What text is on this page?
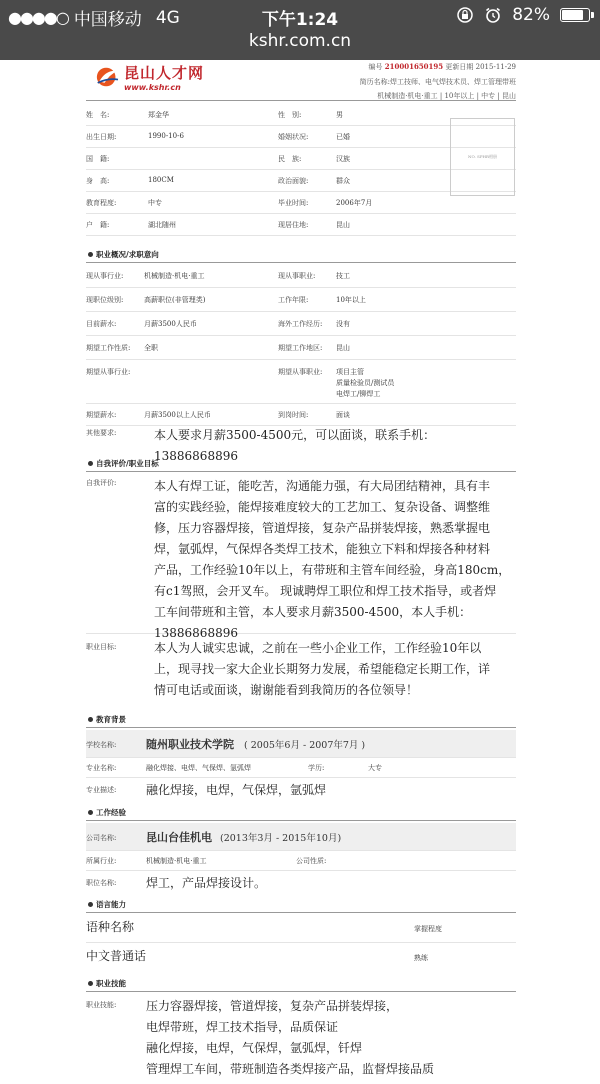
●●●●○ 中国移动 4G	下午1:24	82%
kshr.com.cn
昆山人才网
www.kshr.cn
编号 210001650195 更新日期 2015-11-29
简历名称:焊工技师、电气焊技术员、焊工管理带班
机械制造·机电·重工 | 10年以上 | 中专 | 昆山
姓　名:	郑金华	性　别:	男
出生日期:	1990-10-6	婚姻状况:	已婚
国　籍:	民　族:	汉族
身　高:	180CM	政治面貌:	群众
教育程度:	中专	毕业时间:	2006年7月
户　籍:	湖北随州	现居住地:	昆山
NO. SPHR相册
职业概况/求职意向
现从事行业:	机械制造·机电·重工	现从事职业:	技工
现职位级别:	高薪职位(非管理类)	工作年限:	10年以上
目前薪水:	月薪3500人民币	海外工作经历: 没有
期望工作性质: 全职	期望工作地区: 昆山
期望从事行业:	期望从事职业: 项目主管
质量检验员/测试员
电焊工/铆焊工
期望薪水:	月薪3500以上人民币	到岗时间:	面谈
其他要求:	本人要求月薪3500-4500元，可以面谈，联系手机：13886868896
自我评价/职业目标
自我评价:	本人有焊工证，能吃苦，沟通能力强，有大局团结精神，具有丰
富的实践经验，能焊接难度较大的工艺加工、复杂设备、调整维
修，压力容器焊接，管道焊接，复杂产品拼装焊接，熟悉掌握电
焊，氩弧焊，气保焊各类焊工技术，能独立下料和焊接各种材料
产品，工作经验10年以上，有带班和主管车间经验，身高180cm，
有c1驾照，会开叉车。 现诚聘焊工职位和焊工技术指导，或者焊
工车间带班和主管，本人要求月薪3500-4500，本人手机：
13886868896
职业目标:	本人为人诚实忠诚，之前在一些小企业工作，工作经验10年以
上，现寻找一家大企业长期努力发展，希望能稳定长期工作，详
情可电话或面谈，谢谢能看到我简历的各位领导！
教育背景
学校名称:	随州职业技术学院 ( 2005年6月 - 2007年7月 )
专业名称:	融化焊接、电焊、气保焊、氩弧焊	学历:	大专
专业描述: 融化焊接，电焊，气保焊，氩弧焊
工作经验
公司名称:	昆山台佳机电 (2013年3月 - 2015年10月)
所属行业:	机械制造·机电·重工	公司性质:
职位名称: 焊工，产品焊接设计。
语言能力
语种名称	掌握程度
中文普通话	熟练
职业技能
职业技能: 压力容器焊接，管道焊接，复杂产品拼装焊接，
电焊带班，焊工技术指导，品质保证
融化焊接，电焊，气保焊，氩弧焊，钎焊
管理焊工车间，带班制造各类焊接产品，监督焊接品质
